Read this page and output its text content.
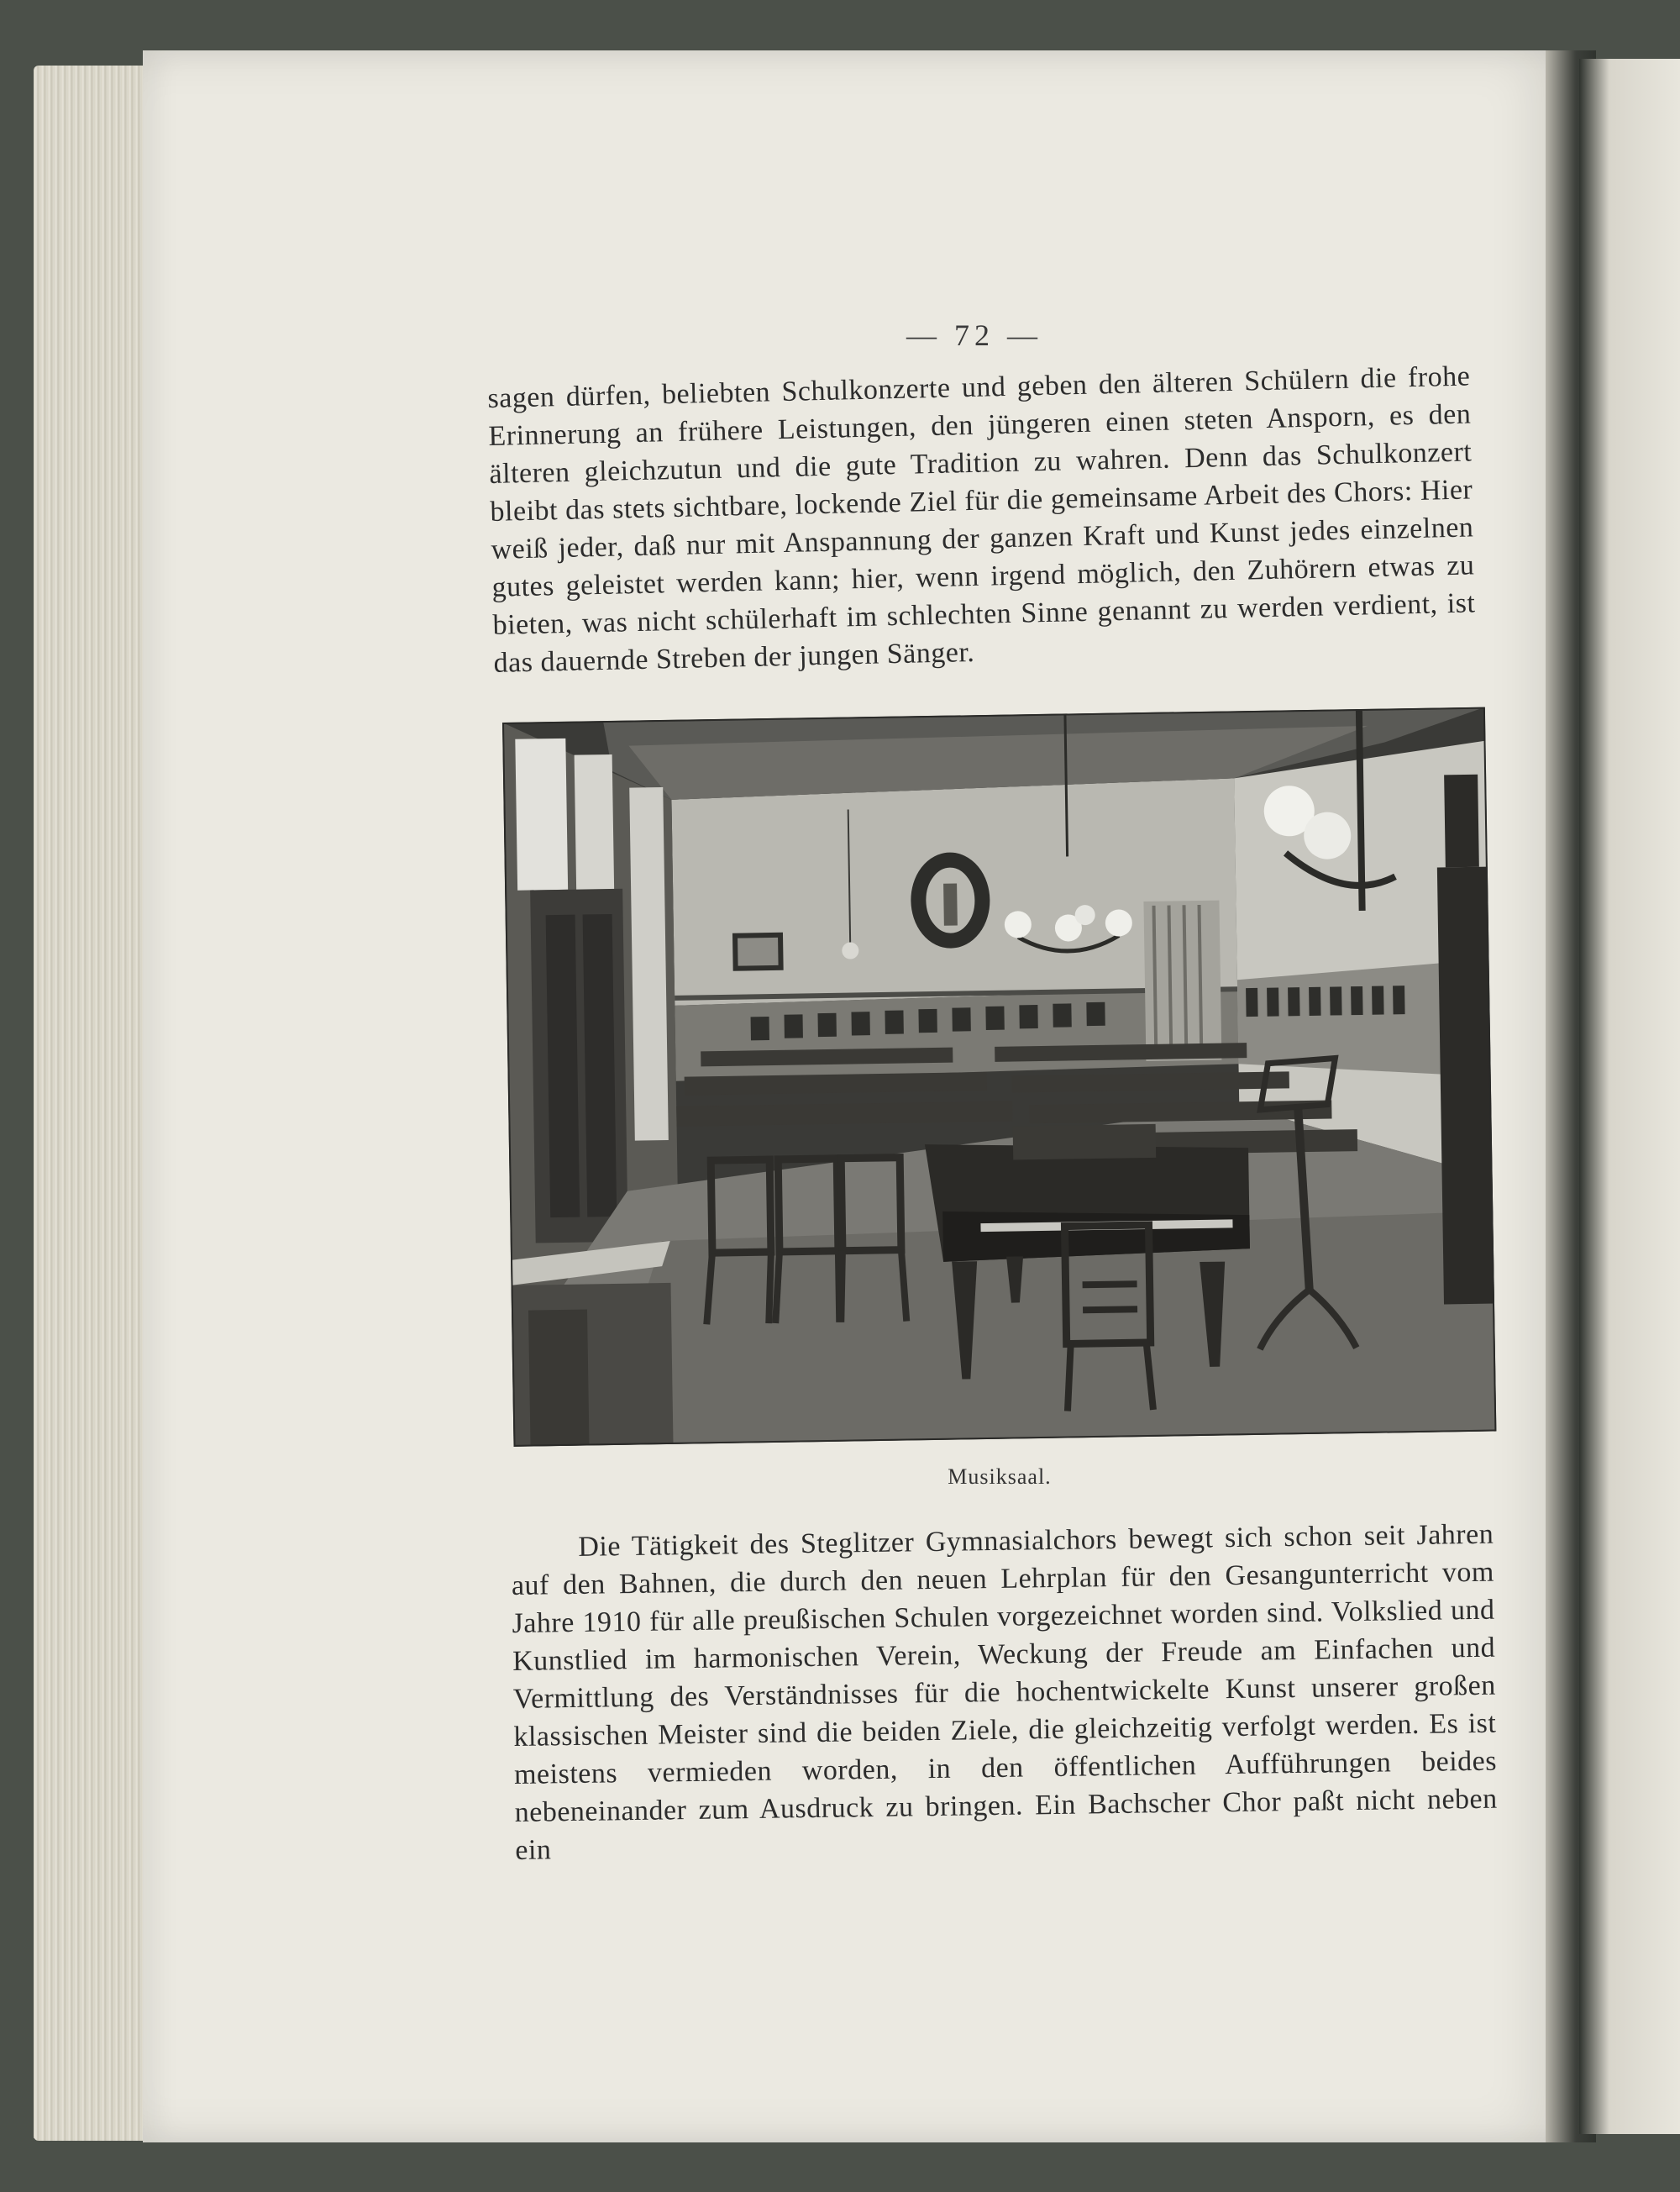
— 72 —
sagen dürfen, beliebten Schulkonzerte und geben den älteren Schülern die frohe Erinnerung an frühere Leistungen, den jüngeren einen steten Ansporn, es den älteren gleichzutun und die gute Tradition zu wahren. Denn das Schulkonzert bleibt das stets sichtbare, lockende Ziel für die gemeinsame Arbeit des Chors: Hier weiß jeder, daß nur mit Anspannung der ganzen Kraft und Kunst jedes einzelnen gutes geleistet werden kann; hier, wenn irgend möglich, den Zuhörern etwas zu bieten, was nicht schülerhaft im schlechten Sinne genannt zu werden verdient, ist das dauernde Streben der jungen Sänger.
Musiksaal.
Die Tätigkeit des Steglitzer Gymnasialchors bewegt sich schon seit Jahren auf den Bahnen, die durch den neuen Lehrplan für den Gesangunterricht vom Jahre 1910 für alle preußischen Schulen vorgezeichnet worden sind. Volkslied und Kunstlied im harmonischen Verein, Weckung der Freude am Einfachen und Vermittlung des Verständnisses für die hochentwickelte Kunst unserer großen klassischen Meister sind die beiden Ziele, die gleichzeitig verfolgt werden. Es ist meistens vermieden worden, in den öffentlichen Aufführungen beides nebeneinander zum Ausdruck zu bringen. Ein Bachscher Chor paßt nicht neben ein
